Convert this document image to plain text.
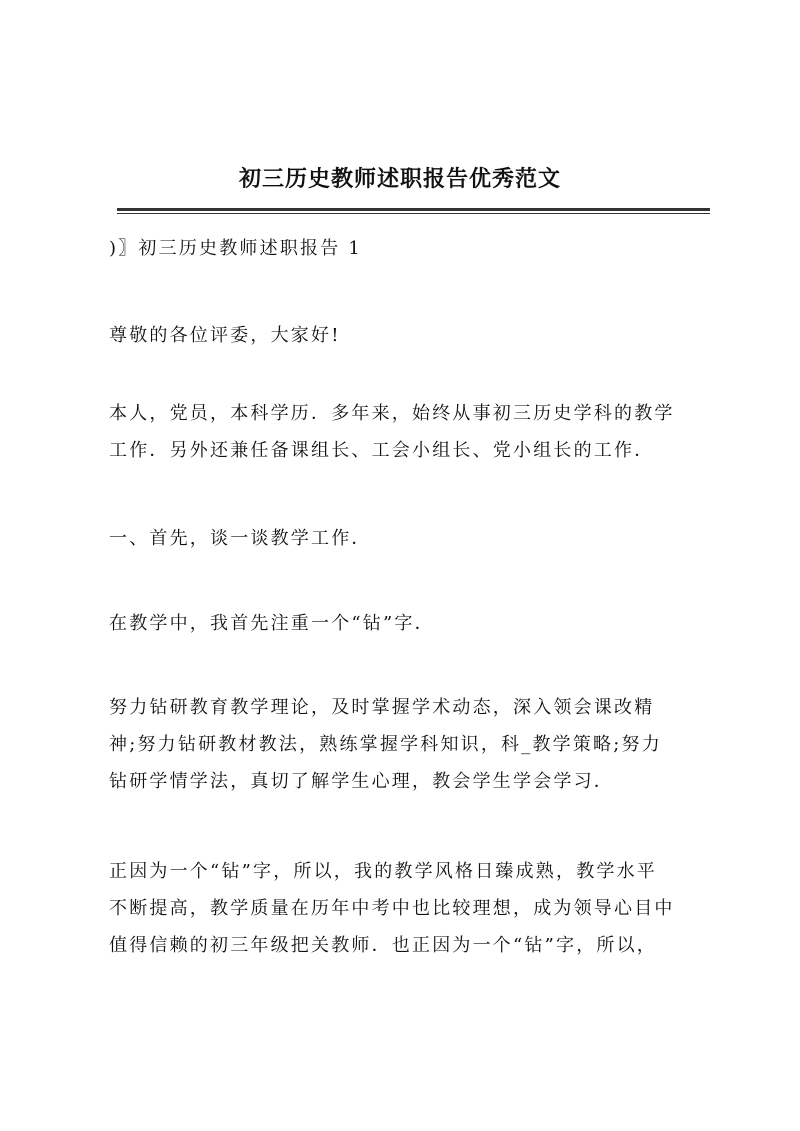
初三历史教师述职报告优秀范文

)〗初三历史教师述职报告 1

尊敬的各位评委，大家好!

本人，党员，本科学历．多年来，始终从事初三历史学科的教学
工作．另外还兼任备课组长、工会小组长、党小组长的工作．

一、首先，谈一谈教学工作．

在教学中，我首先注重一个“钻”字．

努力钻研教育教学理论，及时掌握学术动态，深入领会课改精
神;努力钻研教材教法，熟练掌握学科知识，科_教学策略;努力
钻研学情学法，真切了解学生心理，教会学生学会学习．

正因为一个“钻”字，所以，我的教学风格日臻成熟，教学水平
不断提高，教学质量在历年中考中也比较理想，成为领导心目中
值得信赖的初三年级把关教师．也正因为一个“钻”字，所以，
